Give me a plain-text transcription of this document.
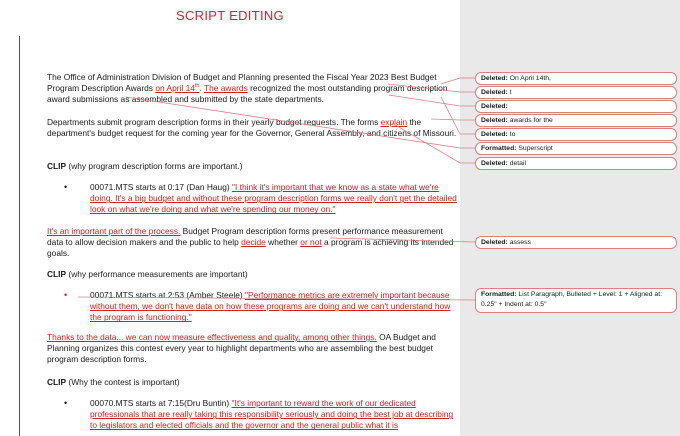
SCRIPT EDITING

The Office of Administration Division of Budget and Planning presented the Fiscal Year 2023 Best Budget Program Description Awards on April 14th. The awards recognized the most outstanding program description award submissions as assembled and submitted by the state departments.

Departments submit program description forms in their yearly budget requests. The forms explain the department's budget request for the coming year for the Governor, General Assembly, and citizens of Missouri.

CLIP (why program description forms are important.)

•	00071.MTS starts at 0:17 (Dan Haug) "I think it's important that we know as a state what we're doing. It's a big budget and without these program description forms we really don't get the detailed look on what we're doing and what we're spending our money on."

It's an important part of the process. Budget Program description forms present performance measurement data to allow decision makers and the public to help decide whether or not a program is achieving its intended goals.

CLIP (why performance measurements are important)

•	00071.MTS starts at 2:53 (Amber Steele) "Performance metrics are extremely important because without them, we don't have data on how these programs are doing and we can't understand how the program is functioning."

Thanks to the data... we can now measure effectiveness and quality, among other things. OA Budget and Planning organizes this contest every year to highlight departments who are assembling the best budget program description forms.

CLIP (Why the contest is important)

•	00070.MTS starts at 7:15(Dru Buntin) "It's important to reward the work of our dedicated professionals that are really taking this responsibility seriously and doing the best job at describing to legislators and elected officials and the governor and the general public what it is

Deleted: On April 14th,
Deleted: t
Deleted:
Deleted: awards for the
Deleted: to
Formatted: Superscript
Deleted: detail
Deleted: assess
Formatted: List Paragraph, Bulleted + Level: 1 + Aligned at: 0.25" + Indent at: 0.5"
